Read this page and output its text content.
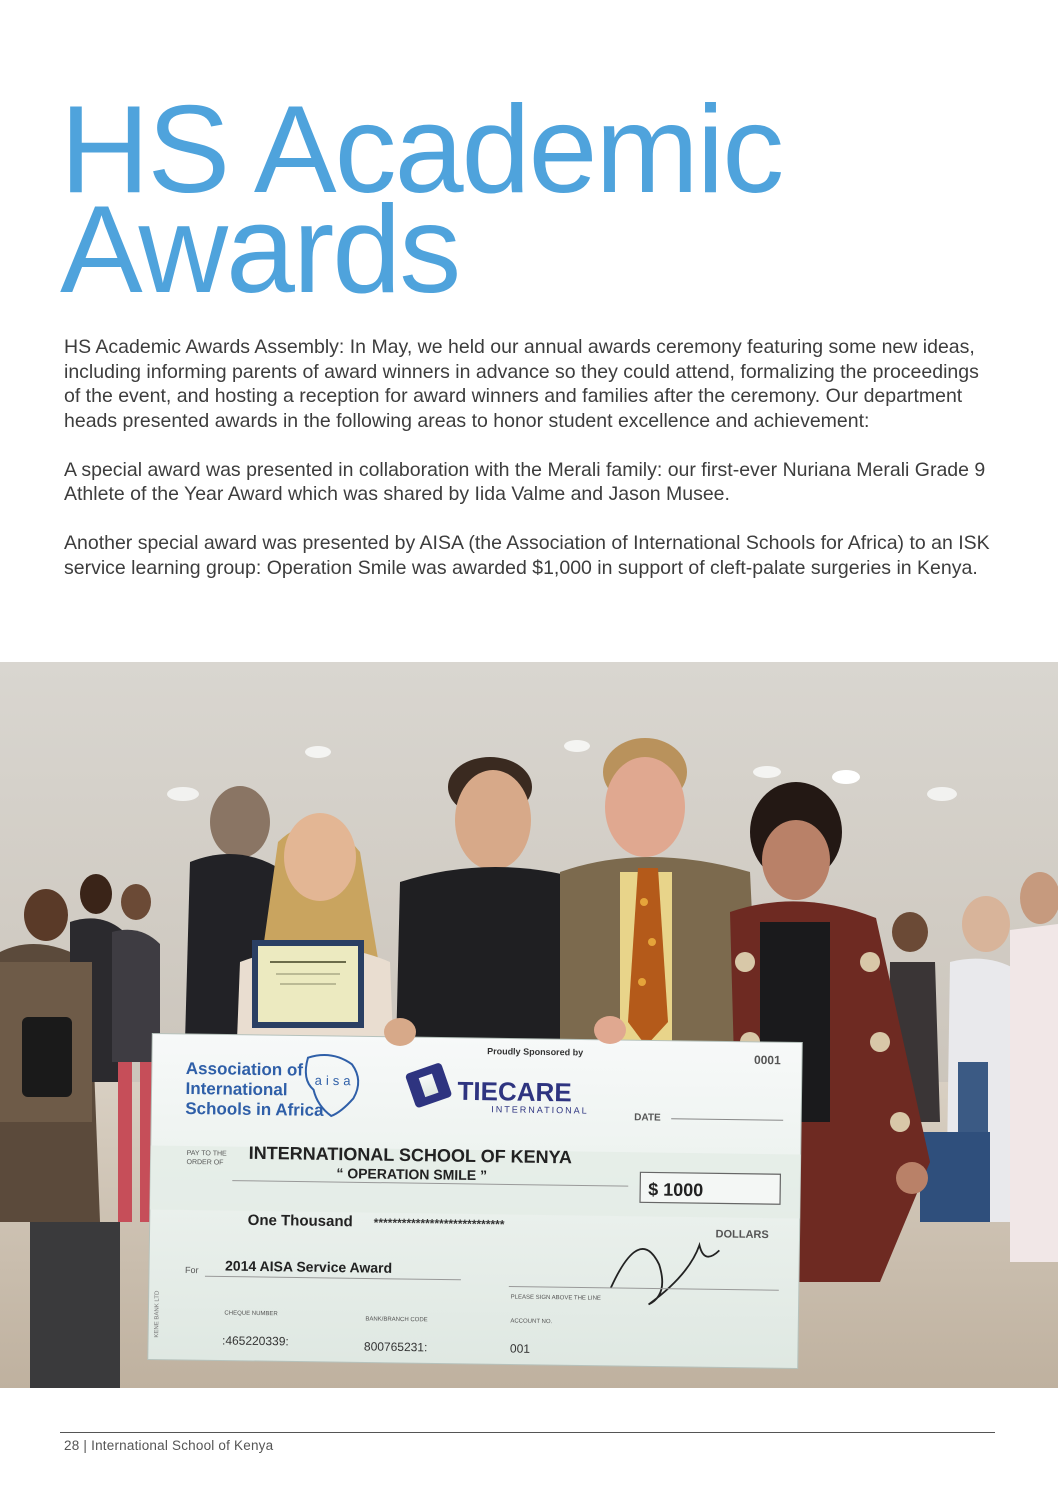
HS Academic
Awards

HS Academic Awards Assembly: In May, we held our annual awards ceremony featuring some new ideas, including informing parents of award winners in advance so they could attend, formalizing the proceedings of the event, and hosting a reception for award winners and families after the ceremony. Our department heads presented awards in the following areas to honor student excellence and achievement:

A special award was presented in collaboration with the Merali family: our first-ever Nuriana Merali Grade 9 Athlete of the Year Award which was shared by Iida Valme and Jason Musee.

Another special award was presented by AISA (the Association of International Schools for Africa) to an ISK service learning group: Operation Smile was awarded $1,000 in support of cleft-palate surgeries in Kenya.

Association of
International
Schools in Africa
aisa
Proudly Sponsored by
TIECARE
INTERNATIONAL
0001
DATE
PAY TO THE
ORDER OF INTERNATIONAL SCHOOL OF KENYA
“ OPERATION SMILE ”
$ 1000
One Thousand ****************************
DOLLARS
For 2014 AISA Service Award
PLEASE SIGN ABOVE THE LINE
CHEQUE NUMBER
BANK/BRANCH CODE	ACCOUNT NO.
:465220339:	800765231:	001
KENE BANK LTD
28 | International School of Kenya
